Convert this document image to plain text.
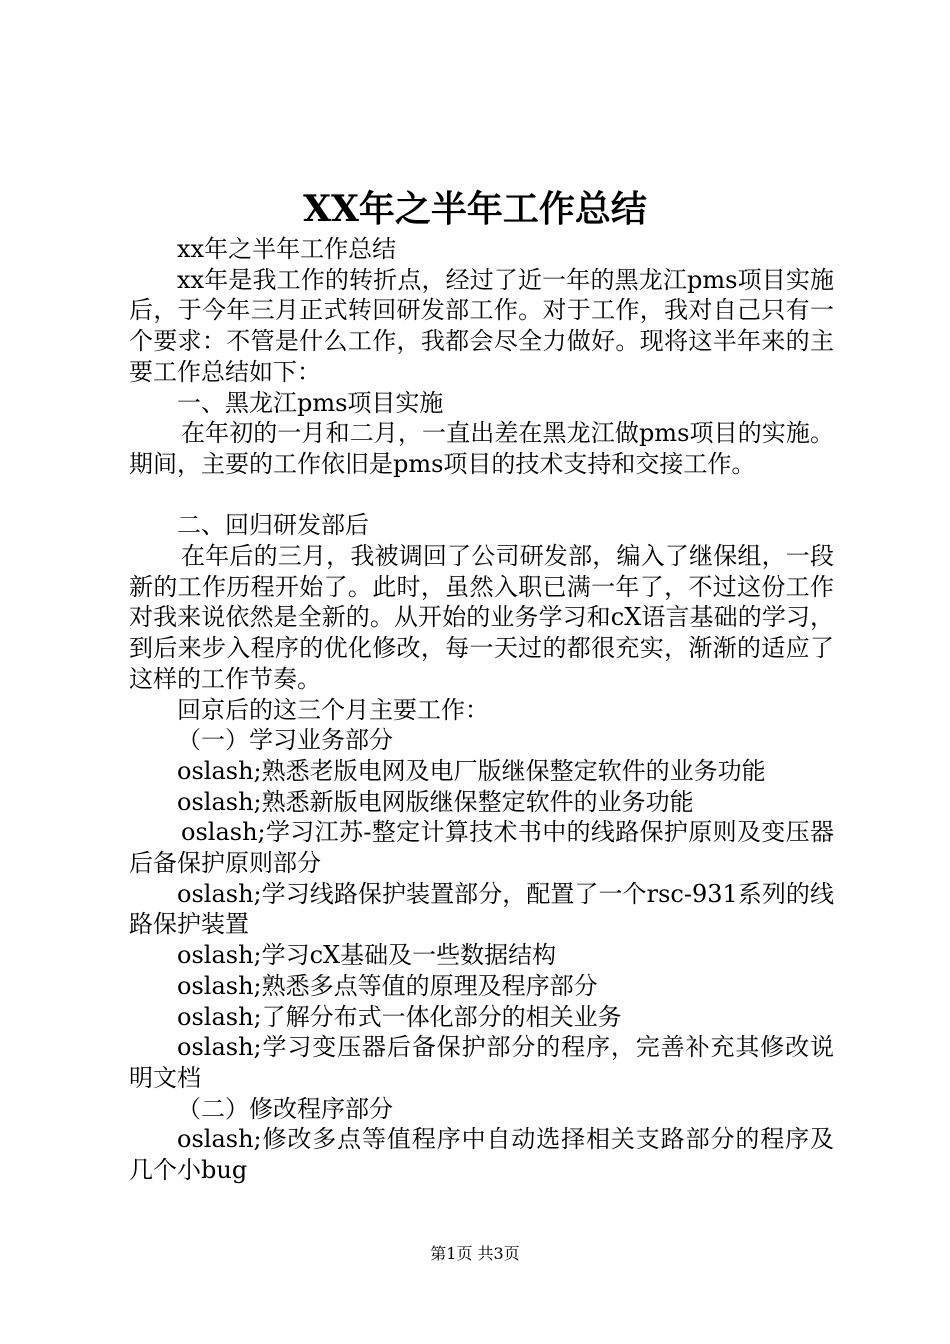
XX年之半年工作总结

xx年之半年工作总结

xx年是我工作的转折点，经过了近一年的黑龙江pms项目实施后，于今年三月正式转回研发部工作。对于工作，我对自己只有一个要求：不管是什么工作，我都会尽全力做好。现将这半年来的主要工作总结如下：

一、黑龙江pms项目实施

在年初的一月和二月，一直出差在黑龙江做pms项目的实施。期间，主要的工作依旧是pms项目的技术支持和交接工作。

二、回归研发部后

在年后的三月，我被调回了公司研发部，编入了继保组，一段新的工作历程开始了。此时，虽然入职已满一年了，不过这份工作对我来说依然是全新的。从开始的业务学习和cX语言基础的学习，到后来步入程序的优化修改，每一天过的都很充实，渐渐的适应了这样的工作节奏。

回京后的这三个月主要工作：

（一）学习业务部分

oslash;熟悉老版电网及电厂版继保整定软件的业务功能

oslash;熟悉新版电网版继保整定软件的业务功能

oslash;学习江苏-整定计算技术书中的线路保护原则及变压器后备保护原则部分

oslash;学习线路保护装置部分，配置了一个rsc-931系列的线路保护装置

oslash;学习cX基础及一些数据结构

oslash;熟悉多点等值的原理及程序部分

oslash;了解分布式一体化部分的相关业务

oslash;学习变压器后备保护部分的程序，完善补充其修改说明文档

（二）修改程序部分

oslash;修改多点等值程序中自动选择相关支路部分的程序及几个小bug

第1页 共3页
